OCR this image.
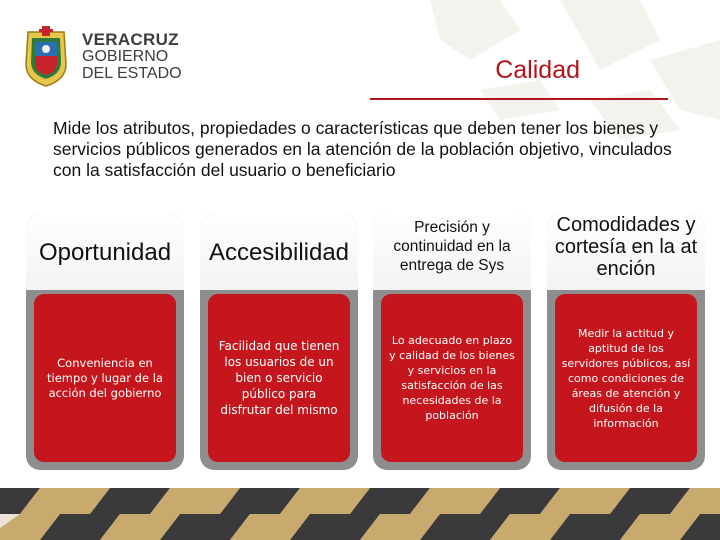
VERACRUZ
GOBIERNO
DEL ESTADO	Calidad
Mide los atributos, propiedades o características que deben tener los bienes y servicios públicos generados en la atención de la población objetivo, vinculados con la satisfacción del usuario o beneficiario
Oportunidad
Conveniencia en tiempo y lugar de la acción del gobierno
Accesibilidad
Facilidad que tienen los usuarios de un bien o servicio público para disfrutar del mismo
Precisión y continuidad en la entrega de Sys
Lo adecuado en plazo y calidad de los bienes y servicios en la satisfacción de las necesidades de la población
Comodidades y cortesía en la atención
Medir la actitud y aptitud de los servidores públicos, así como condiciones de áreas de atención y difusión de la información
